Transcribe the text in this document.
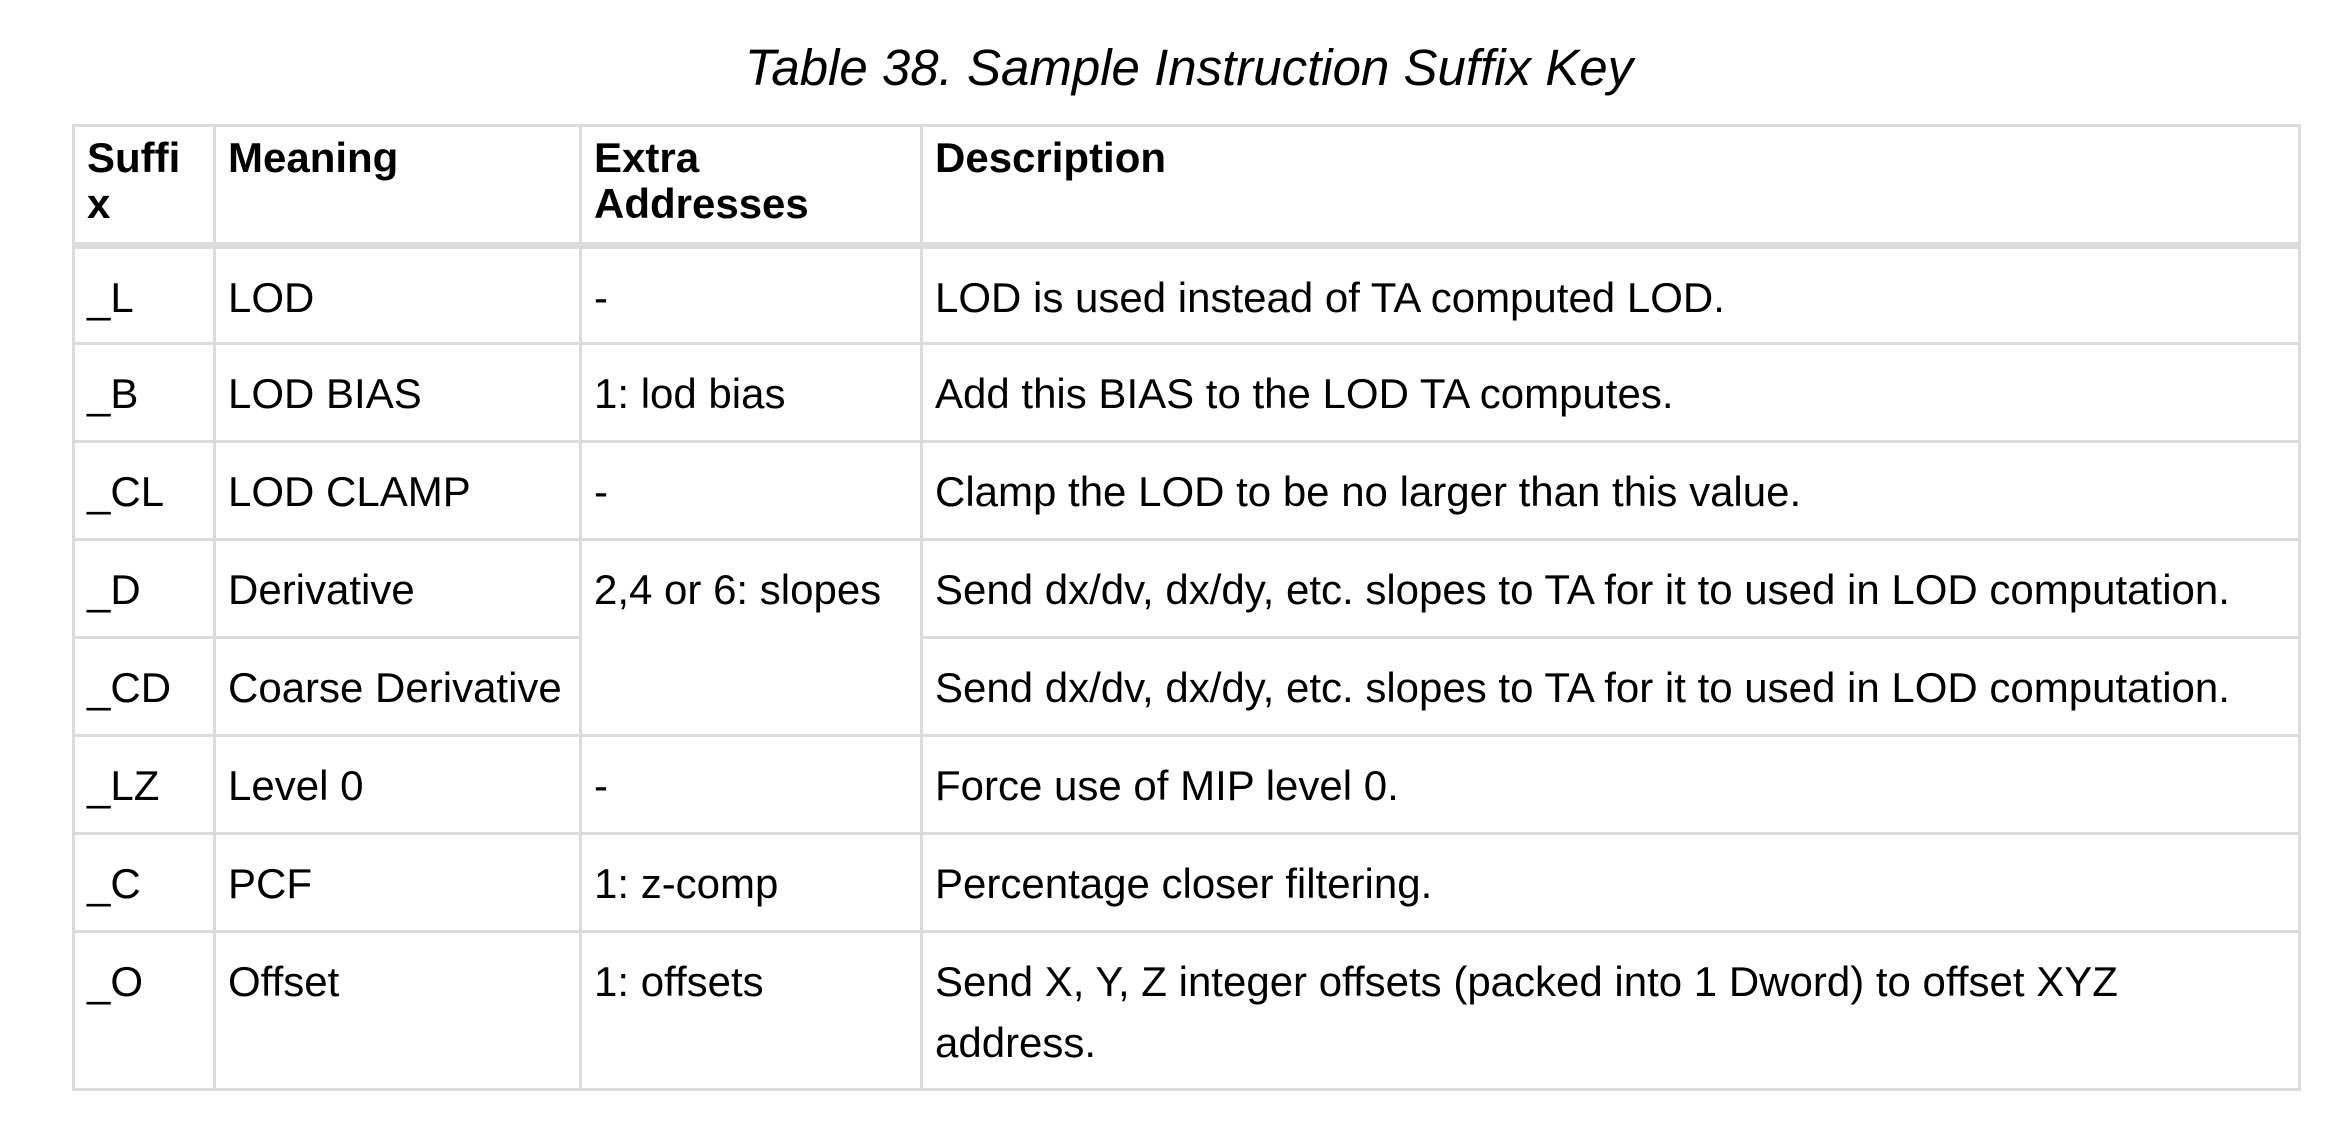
Table 38. Sample Instruction Suffix Key
Suffix	Meaning	Extra Addresses	Description
_L	LOD	-	LOD is used instead of TA computed LOD.
_B	LOD BIAS	1: lod bias	Add this BIAS to the LOD TA computes.
_CL	LOD CLAMP	-	Clamp the LOD to be no larger than this value.
_D	Derivative	2,4 or 6: slopes	Send dx/dv, dx/dy, etc. slopes to TA for it to used in LOD computation.
_CD	Coarse Derivative		Send dx/dv, dx/dy, etc. slopes to TA for it to used in LOD computation.
_LZ	Level 0	-	Force use of MIP level 0.
_C	PCF	1: z-comp	Percentage closer filtering.
_O	Offset	1: offsets	Send X, Y, Z integer offsets (packed into 1 Dword) to offset XYZ address.
